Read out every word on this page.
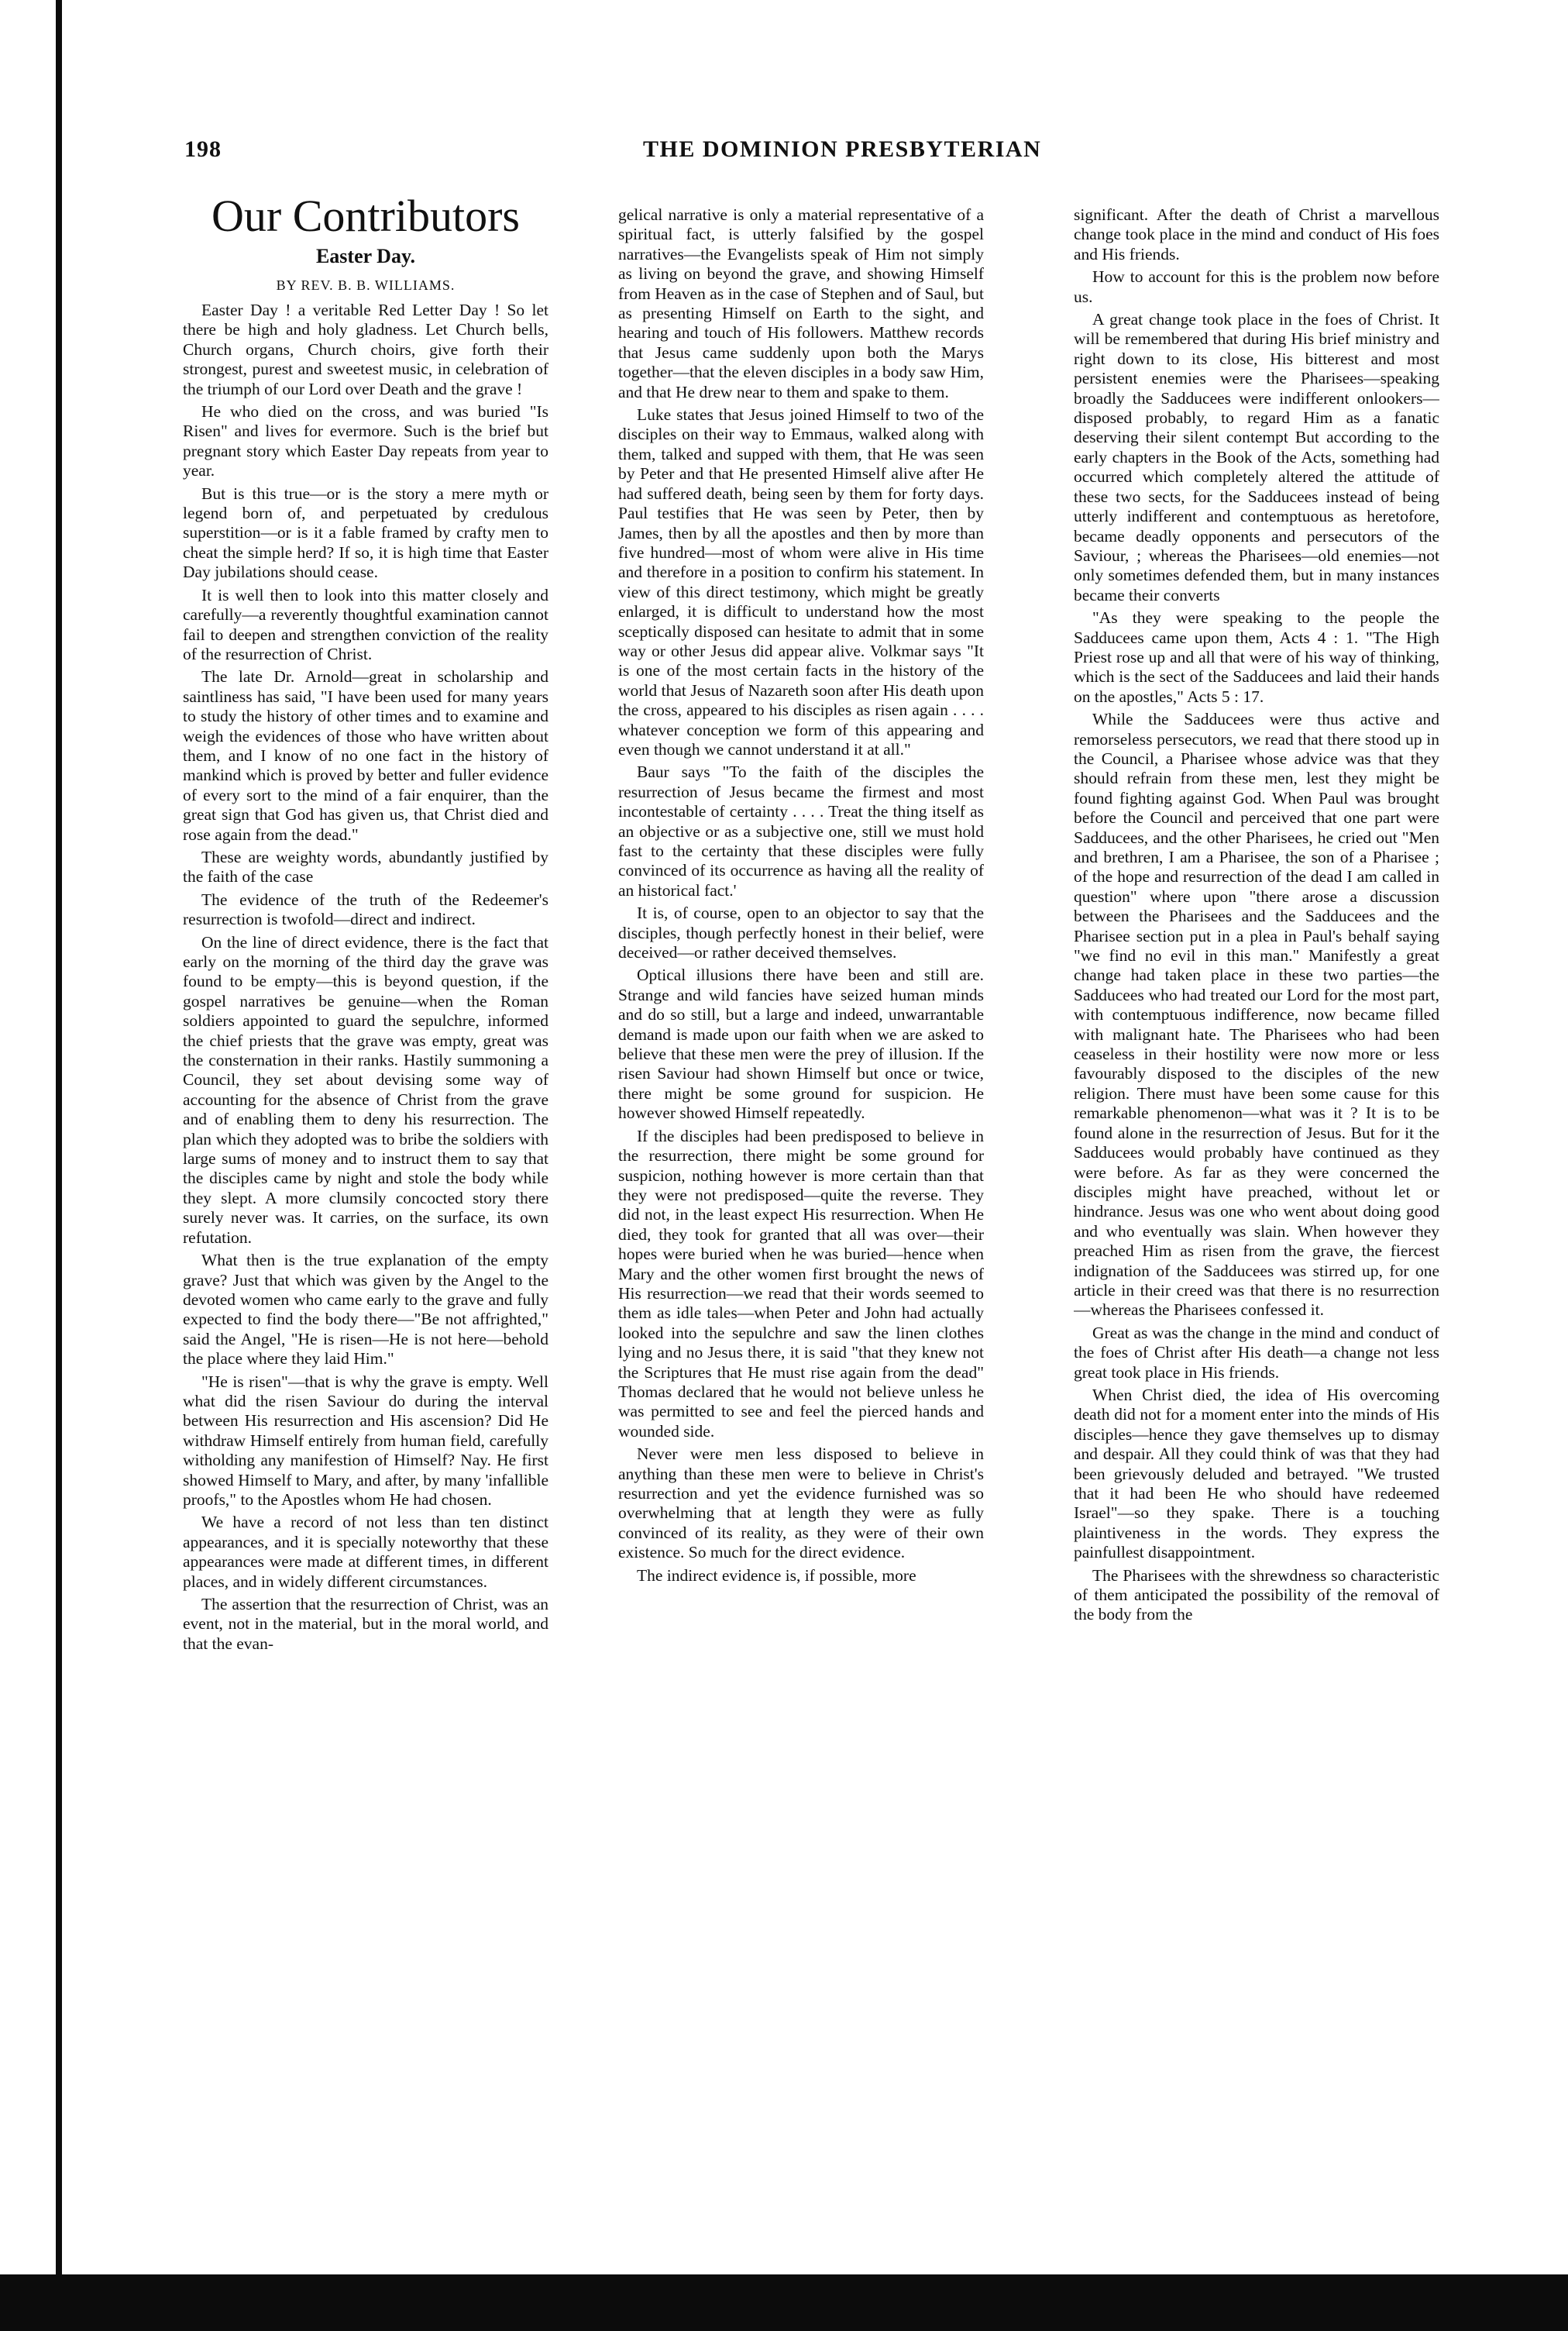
198	THE DOMINION PRESBYTERIAN
Our Contributors
Easter Day.
BY REV. B. B. WILLIAMS.

Easter Day ! a veritable Red Letter Day ! So let there be high and holy gladness. Let Church bells, Church organs, Church choirs, give forth their strongest, purest and sweetest music, in celebration of the triumph of our Lord over Death and the grave !

He who died on the cross, and was buried "Is Risen" and lives for evermore. Such is the brief but pregnant story which Easter Day repeats from year to year.

But is this true—or is the story a mere myth or legend born of, and perpetuated by credulous superstition—or is it a fable framed by crafty men to cheat the simple herd? If so, it is high time that Easter Day jubilations should cease.

It is well then to look into this matter closely and carefully—a reverently thoughtful examination cannot fail to deepen and strengthen conviction of the reality of the resurrection of Christ.

The late Dr. Arnold—great in scholarship and saintliness has said, "I have been used for many years to study the history of other times and to examine and weigh the evidences of those who have written about them, and I know of no one fact in the history of mankind which is proved by better and fuller evidence of every sort to the mind of a fair enquirer, than the great sign that God has given us, that Christ died and rose again from the dead."

These are weighty words, abundantly justified by the faith of the case

The evidence of the truth of the Redeemer's resurrection is twofold—direct and indirect.

On the line of direct evidence, there is the fact that early on the morning of the third day the grave was found to be empty—this is beyond question, if the gospel narratives be genuine—when the Roman soldiers appointed to guard the sepulchre, informed the chief priests that the grave was empty, great was the consternation in their ranks. Hastily summoning a Council, they set about devising some way of accounting for the absence of Christ from the grave and of enabling them to deny his resurrection. The plan which they adopted was to bribe the soldiers with large sums of money and to instruct them to say that the disciples came by night and stole the body while they slept. A more clumsily concocted story there surely never was. It carries, on the surface, its own refutation.

What then is the true explanation of the empty grave? Just that which was given by the Angel to the devoted women who came early to the grave and fully expected to find the body there—"Be not affrighted," said the Angel, "He is risen—He is not here—behold the place where they laid Him."

"He is risen"—that is why the grave is empty. Well what did the risen Saviour do during the interval between His resurrection and His ascension? Did He withdraw Himself entirely from human field, carefully witholding any manifestion of Himself? Nay. He first showed Himself to Mary, and after, by many 'infallible proofs," to the Apostles whom He had chosen.

We have a record of not less than ten distinct appearances, and it is specially noteworthy that these appearances were made at different times, in different places, and in widely different circumstances.

The assertion that the resurrection of Christ, was an event, not in the material, but in the moral world, and that the evan-

gelical narrative is only a material representative of a spiritual fact, is utterly falsified by the gospel narratives—the Evangelists speak of Him not simply as living on beyond the grave, and showing Himself from Heaven as in the case of Stephen and of Saul, but as presenting Himself on Earth to the sight, and hearing and touch of His followers. Matthew records that Jesus came suddenly upon both the Marys together—that the eleven disciples in a body saw Him, and that He drew near to them and spake to them.

Luke states that Jesus joined Himself to two of the disciples on their way to Emmaus, walked along with them, talked and supped with them, that He was seen by Peter and that He presented Himself alive after He had suffered death, being seen by them for forty days. Paul testifies that He was seen by Peter, then by James, then by all the apostles and then by more than five hundred—most of whom were alive in His time and therefore in a position to confirm his statement. In view of this direct testimony, which might be greatly enlarged, it is difficult to understand how the most sceptically disposed can hesitate to admit that in some way or other Jesus did appear alive. Volkmar says "It is one of the most certain facts in the history of the world that Jesus of Nazareth soon after His death upon the cross, appeared to his disciples as risen again . . . . whatever conception we form of this appearing and even though we cannot understand it at all."

Baur says "To the faith of the disciples the resurrection of Jesus became the firmest and most incontestable of certainty . . . . Treat the thing itself as an objective or as a subjective one, still we must hold fast to the certainty that these disciples were fully convinced of its occurrence as having all the reality of an historical fact.'

It is, of course, open to an objector to say that the disciples, though perfectly honest in their belief, were deceived—or rather deceived themselves.

Optical illusions there have been and still are. Strange and wild fancies have seized human minds and do so still, but a large and indeed, unwarrantable demand is made upon our faith when we are asked to believe that these men were the prey of illusion. If the risen Saviour had shown Himself but once or twice, there might be some ground for suspicion. He however showed Himself repeatedly.

If the disciples had been predisposed to believe in the resurrection, there might be some ground for suspicion, nothing however is more certain than that they were not predisposed—quite the reverse. They did not, in the least expect His resurrection. When He died, they took for granted that all was over—their hopes were buried when he was buried—hence when Mary and the other women first brought the news of His resurrection—we read that their words seemed to them as idle tales—when Peter and John had actually looked into the sepulchre and saw the linen clothes lying and no Jesus there, it is said "that they knew not the Scriptures that He must rise again from the dead" Thomas declared that he would not believe unless he was permitted to see and feel the pierced hands and wounded side.

Never were men less disposed to believe in anything than these men were to believe in Christ's resurrection and yet the evidence furnished was so overwhelming that at length they were as fully convinced of its reality, as they were of their own existence. So much for the direct evidence.

The indirect evidence is, if possible, more

significant. After the death of Christ a marvellous change took place in the mind and conduct of His foes and His friends.

How to account for this is the problem now before us.

A great change took place in the foes of Christ. It will be remembered that during His brief ministry and right down to its close, His bitterest and most persistent enemies were the Pharisees—speaking broadly the Sadducees were indifferent onlookers—disposed probably, to regard Him as a fanatic deserving their silent contempt But according to the early chapters in the Book of the Acts, something had occurred which completely altered the attitude of these two sects, for the Sadducees instead of being utterly indifferent and contemptuous as heretofore, became deadly opponents and persecutors of the Saviour, ; whereas the Pharisees—old enemies—not only sometimes defended them, but in many instances became their converts

"As they were speaking to the people the Sadducees came upon them, Acts 4 : 1. "The High Priest rose up and all that were of his way of thinking, which is the sect of the Sadducees and laid their hands on the apostles," Acts 5 : 17.

While the Sadducees were thus active and remorseless persecutors, we read that there stood up in the Council, a Pharisee whose advice was that they should refrain from these men, lest they might be found fighting against God. When Paul was brought before the Council and perceived that one part were Sadducees, and the other Pharisees, he cried out "Men and brethren, I am a Pharisee, the son of a Pharisee ; of the hope and resurrection of the dead I am called in question" where upon "there arose a discussion between the Pharisees and the Sadducees and the Pharisee section put in a plea in Paul's behalf saying "we find no evil in this man." Manifestly a great change had taken place in these two parties—the Sadducees who had treated our Lord for the most part, with contemptuous indifference, now became filled with malignant hate. The Pharisees who had been ceaseless in their hostility were now more or less favourably disposed to the disciples of the new religion. There must have been some cause for this remarkable phenomenon—what was it ? It is to be found alone in the resurrection of Jesus. But for it the Sadducees would probably have continued as they were before. As far as they were concerned the disciples might have preached, without let or hindrance. Jesus was one who went about doing good and who eventually was slain. When however they preached Him as risen from the grave, the fiercest indignation of the Sadducees was stirred up, for one article in their creed was that there is no resurrection—whereas the Pharisees confessed it.

Great as was the change in the mind and conduct of the foes of Christ after His death—a change not less great took place in His friends.

When Christ died, the idea of His overcoming death did not for a moment enter into the minds of His disciples—hence they gave themselves up to dismay and despair. All they could think of was that they had been grievously deluded and betrayed. "We trusted that it had been He who should have redeemed Israel"—so they spake. There is a touching plaintiveness in the words. They express the painfullest disappointment.

The Pharisees with the shrewdness so characteristic of them anticipated the possibility of the removal of the body from the
